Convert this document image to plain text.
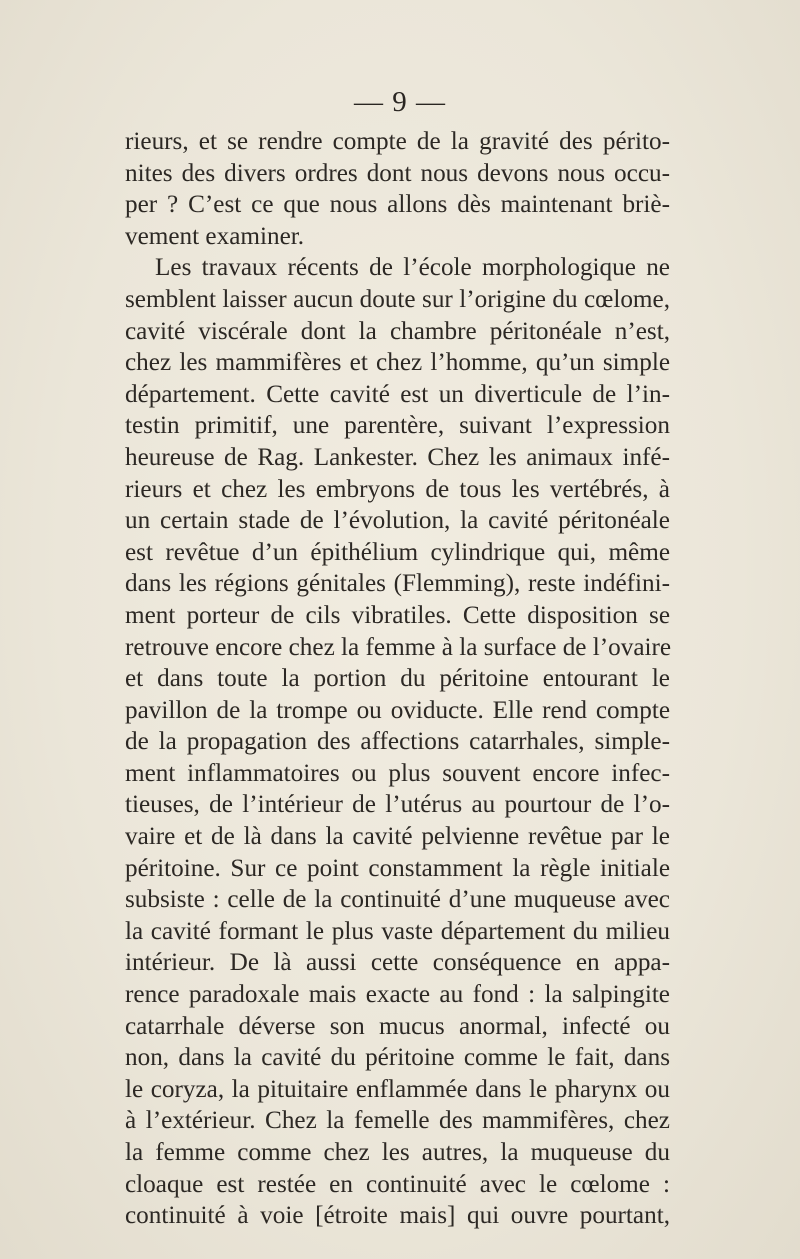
— 9 —
rieurs, et se rendre compte de la gravité des périto-
nites des divers ordres dont nous devons nous occu-
per ? C’est ce que nous allons dès maintenant briè-
vement examiner.
Les travaux récents de l’école morphologique ne
semblent laisser aucun doute sur l’origine du cœlome,
cavité viscérale dont la chambre péritonéale n’est,
chez les mammifères et chez l’homme, qu’un simple
département. Cette cavité est un diverticule de l’in-
testin primitif, une parentère, suivant l’expression
heureuse de Rag. Lankester. Chez les animaux infé-
rieurs et chez les embryons de tous les vertébrés, à
un certain stade de l’évolution, la cavité péritonéale
est revêtue d’un épithélium cylindrique qui, même
dans les régions génitales (Flemming), reste indéfini-
ment porteur de cils vibratiles. Cette disposition se
retrouve encore chez la femme à la surface de l’ovaire
et dans toute la portion du péritoine entourant le
pavillon de la trompe ou oviducte. Elle rend compte
de la propagation des affections catarrhales, simple-
ment inflammatoires ou plus souvent encore infec-
tieuses, de l’intérieur de l’utérus au pourtour de l’o-
vaire et de là dans la cavité pelvienne revêtue par le
péritoine. Sur ce point constamment la règle initiale
subsiste : celle de la continuité d’une muqueuse avec
la cavité formant le plus vaste département du milieu
intérieur. De là aussi cette conséquence en appa-
rence paradoxale mais exacte au fond : la salpingite
catarrhale déverse son mucus anormal, infecté ou
non, dans la cavité du péritoine comme le fait, dans
le coryza, la pituitaire enflammée dans le pharynx ou
à l’extérieur. Chez la femelle des mammifères, chez
la femme comme chez les autres, la muqueuse du
cloaque est restée en continuité avec le cœlome :
continuité à voie [étroite mais] qui ouvre pourtant,
